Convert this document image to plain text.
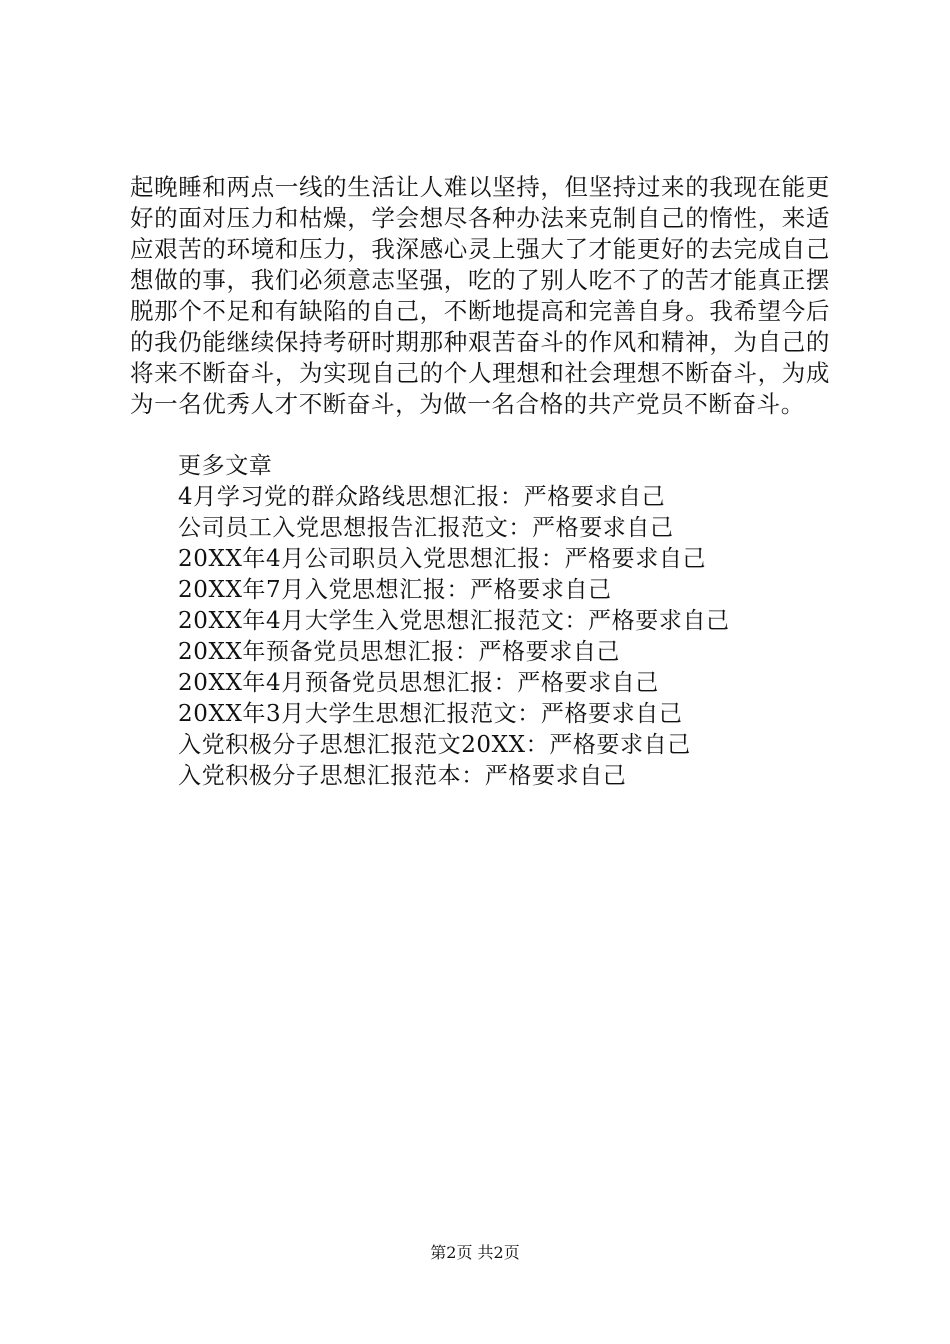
起晚睡和两点一线的生活让人难以坚持，但坚持过来的我现在能更好的面对压力和枯燥，学会想尽各种办法来克制自己的惰性，来适应艰苦的环境和压力，我深感心灵上强大了才能更好的去完成自己想做的事，我们必须意志坚强，吃的了别人吃不了的苦才能真正摆脱那个不足和有缺陷的自己，不断地提高和完善自身。我希望今后的我仍能继续保持考研时期那种艰苦奋斗的作风和精神，为自己的将来不断奋斗，为实现自己的个人理想和社会理想不断奋斗，为成为一名优秀人才不断奋斗，为做一名合格的共产党员不断奋斗。

更多文章

4月学习党的群众路线思想汇报：严格要求自己
公司员工入党思想报告汇报范文：严格要求自己
20XX年4月公司职员入党思想汇报：严格要求自己
20XX年7月入党思想汇报：严格要求自己
20XX年4月大学生入党思想汇报范文：严格要求自己
20XX年预备党员思想汇报：严格要求自己
20XX年4月预备党员思想汇报：严格要求自己
20XX年3月大学生思想汇报范文：严格要求自己
入党积极分子思想汇报范文20XX：严格要求自己
入党积极分子思想汇报范本：严格要求自己
第2页 共2页
